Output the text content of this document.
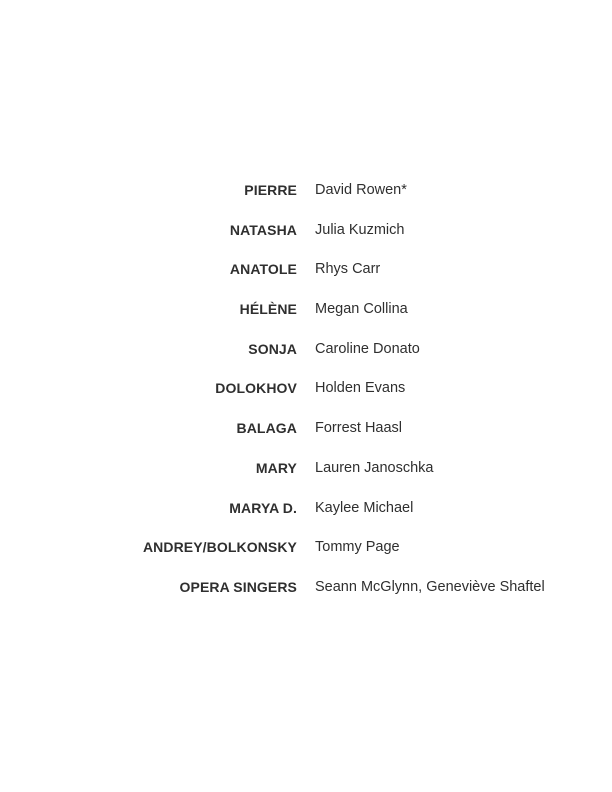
PIERRE David Rowen*
NATASHA Julia Kuzmich
ANATOLE Rhys Carr
HÉLÈNE Megan Collina
SONJA Caroline Donato
DOLOKHOV Holden Evans
BALAGA Forrest Haasl
MARY Lauren Janoschka
MARYA D. Kaylee Michael
ANDREY/BOLKONSKY Tommy Page
OPERA SINGERS Seann McGlynn, Geneviève Shaftel
